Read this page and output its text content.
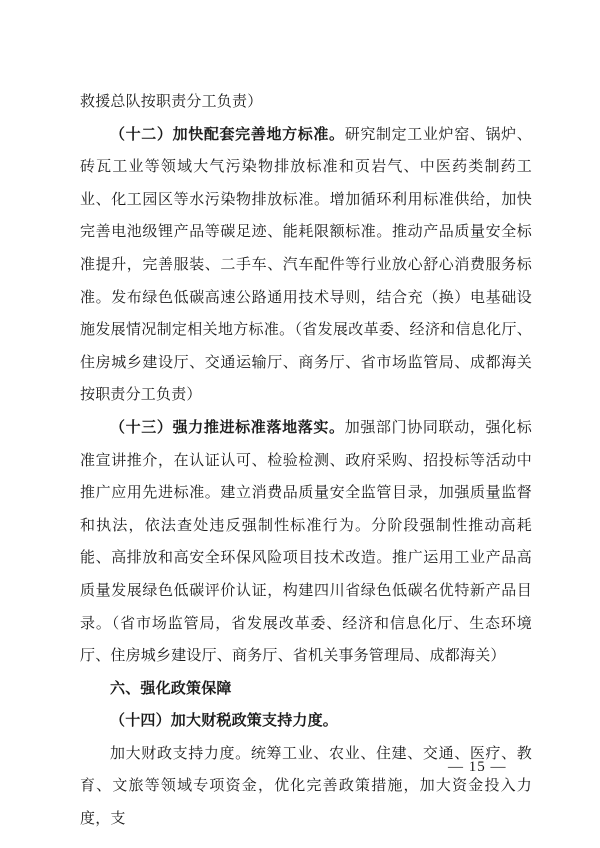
救援总队按职责分工负责）

（十二）加快配套完善地方标准。研究制定工业炉窑、锅炉、砖瓦工业等领域大气污染物排放标准和页岩气、中医药类制药工业、化工园区等水污染物排放标准。增加循环利用标准供给，加快完善电池级锂产品等碳足迹、能耗限额标准。推动产品质量安全标准提升，完善服装、二手车、汽车配件等行业放心舒心消费服务标准。发布绿色低碳高速公路通用技术导则，结合充（换）电基础设施发展情况制定相关地方标准。（省发展改革委、经济和信息化厅、住房城乡建设厅、交通运输厅、商务厅、省市场监管局、成都海关按职责分工负责）

（十三）强力推进标准落地落实。加强部门协同联动，强化标准宣讲推介，在认证认可、检验检测、政府采购、招投标等活动中推广应用先进标准。建立消费品质量安全监管目录，加强质量监督和执法，依法查处违反强制性标准行为。分阶段强制性推动高耗能、高排放和高安全环保风险项目技术改造。推广运用工业产品高质量发展绿色低碳评价认证，构建四川省绿色低碳名优特新产品目录。（省市场监管局，省发展改革委、经济和信息化厅、生态环境厅、住房城乡建设厅、商务厅、省机关事务管理局、成都海关）

六、强化政策保障

（十四）加大财税政策支持力度。

加大财政支持力度。统筹工业、农业、住建、交通、医疗、教育、文旅等领域专项资金，优化完善政策措施，加大资金投入力度，支

— 15 —
